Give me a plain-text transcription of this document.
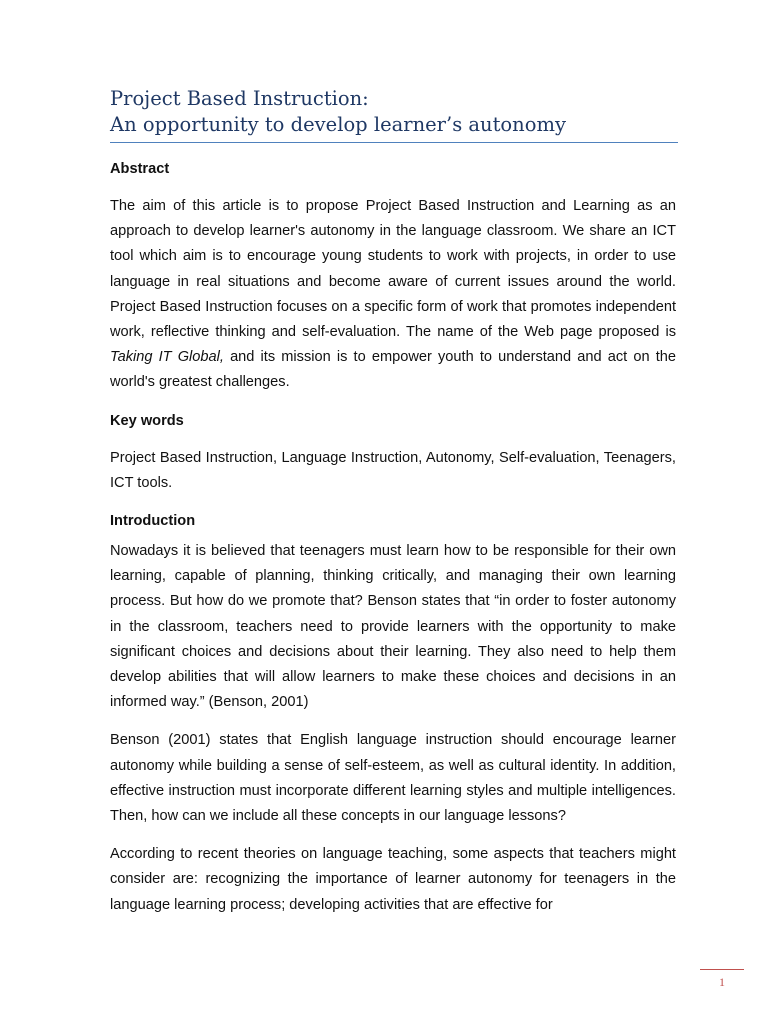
Project Based Instruction:
An opportunity to develop learner’s autonomy

Abstract

The aim of this article is to propose Project Based Instruction and Learning as an approach to develop learner's autonomy in the language classroom. We share an ICT tool which aim is to encourage young students to work with projects, in order to use language in real situations and become aware of current issues around the world. Project Based Instruction focuses on a specific form of work that promotes independent work, reflective thinking and self-evaluation. The name of the Web page proposed is Taking IT Global, and its mission is to empower youth to understand and act on the world's greatest challenges.

Key words

Project Based Instruction, Language Instruction, Autonomy, Self-evaluation, Teenagers, ICT tools.

Introduction

Nowadays it is believed that teenagers must learn how to be responsible for their own learning, capable of planning, thinking critically, and managing their own learning process. But how do we promote that? Benson states that “in order to foster autonomy in the classroom, teachers need to provide learners with the opportunity to make significant choices and decisions about their learning. They also need to help them develop abilities that will allow learners to make these choices and decisions in an informed way.” (Benson, 2001)

Benson (2001) states that English language instruction should encourage learner autonomy while building a sense of self-esteem, as well as cultural identity. In addition, effective instruction must incorporate different learning styles and multiple intelligences. Then, how can we include all these concepts in our language lessons?

According to recent theories on language teaching, some aspects that teachers might consider are: recognizing the importance of learner autonomy for teenagers in the language learning process; developing activities that are effective for

1
